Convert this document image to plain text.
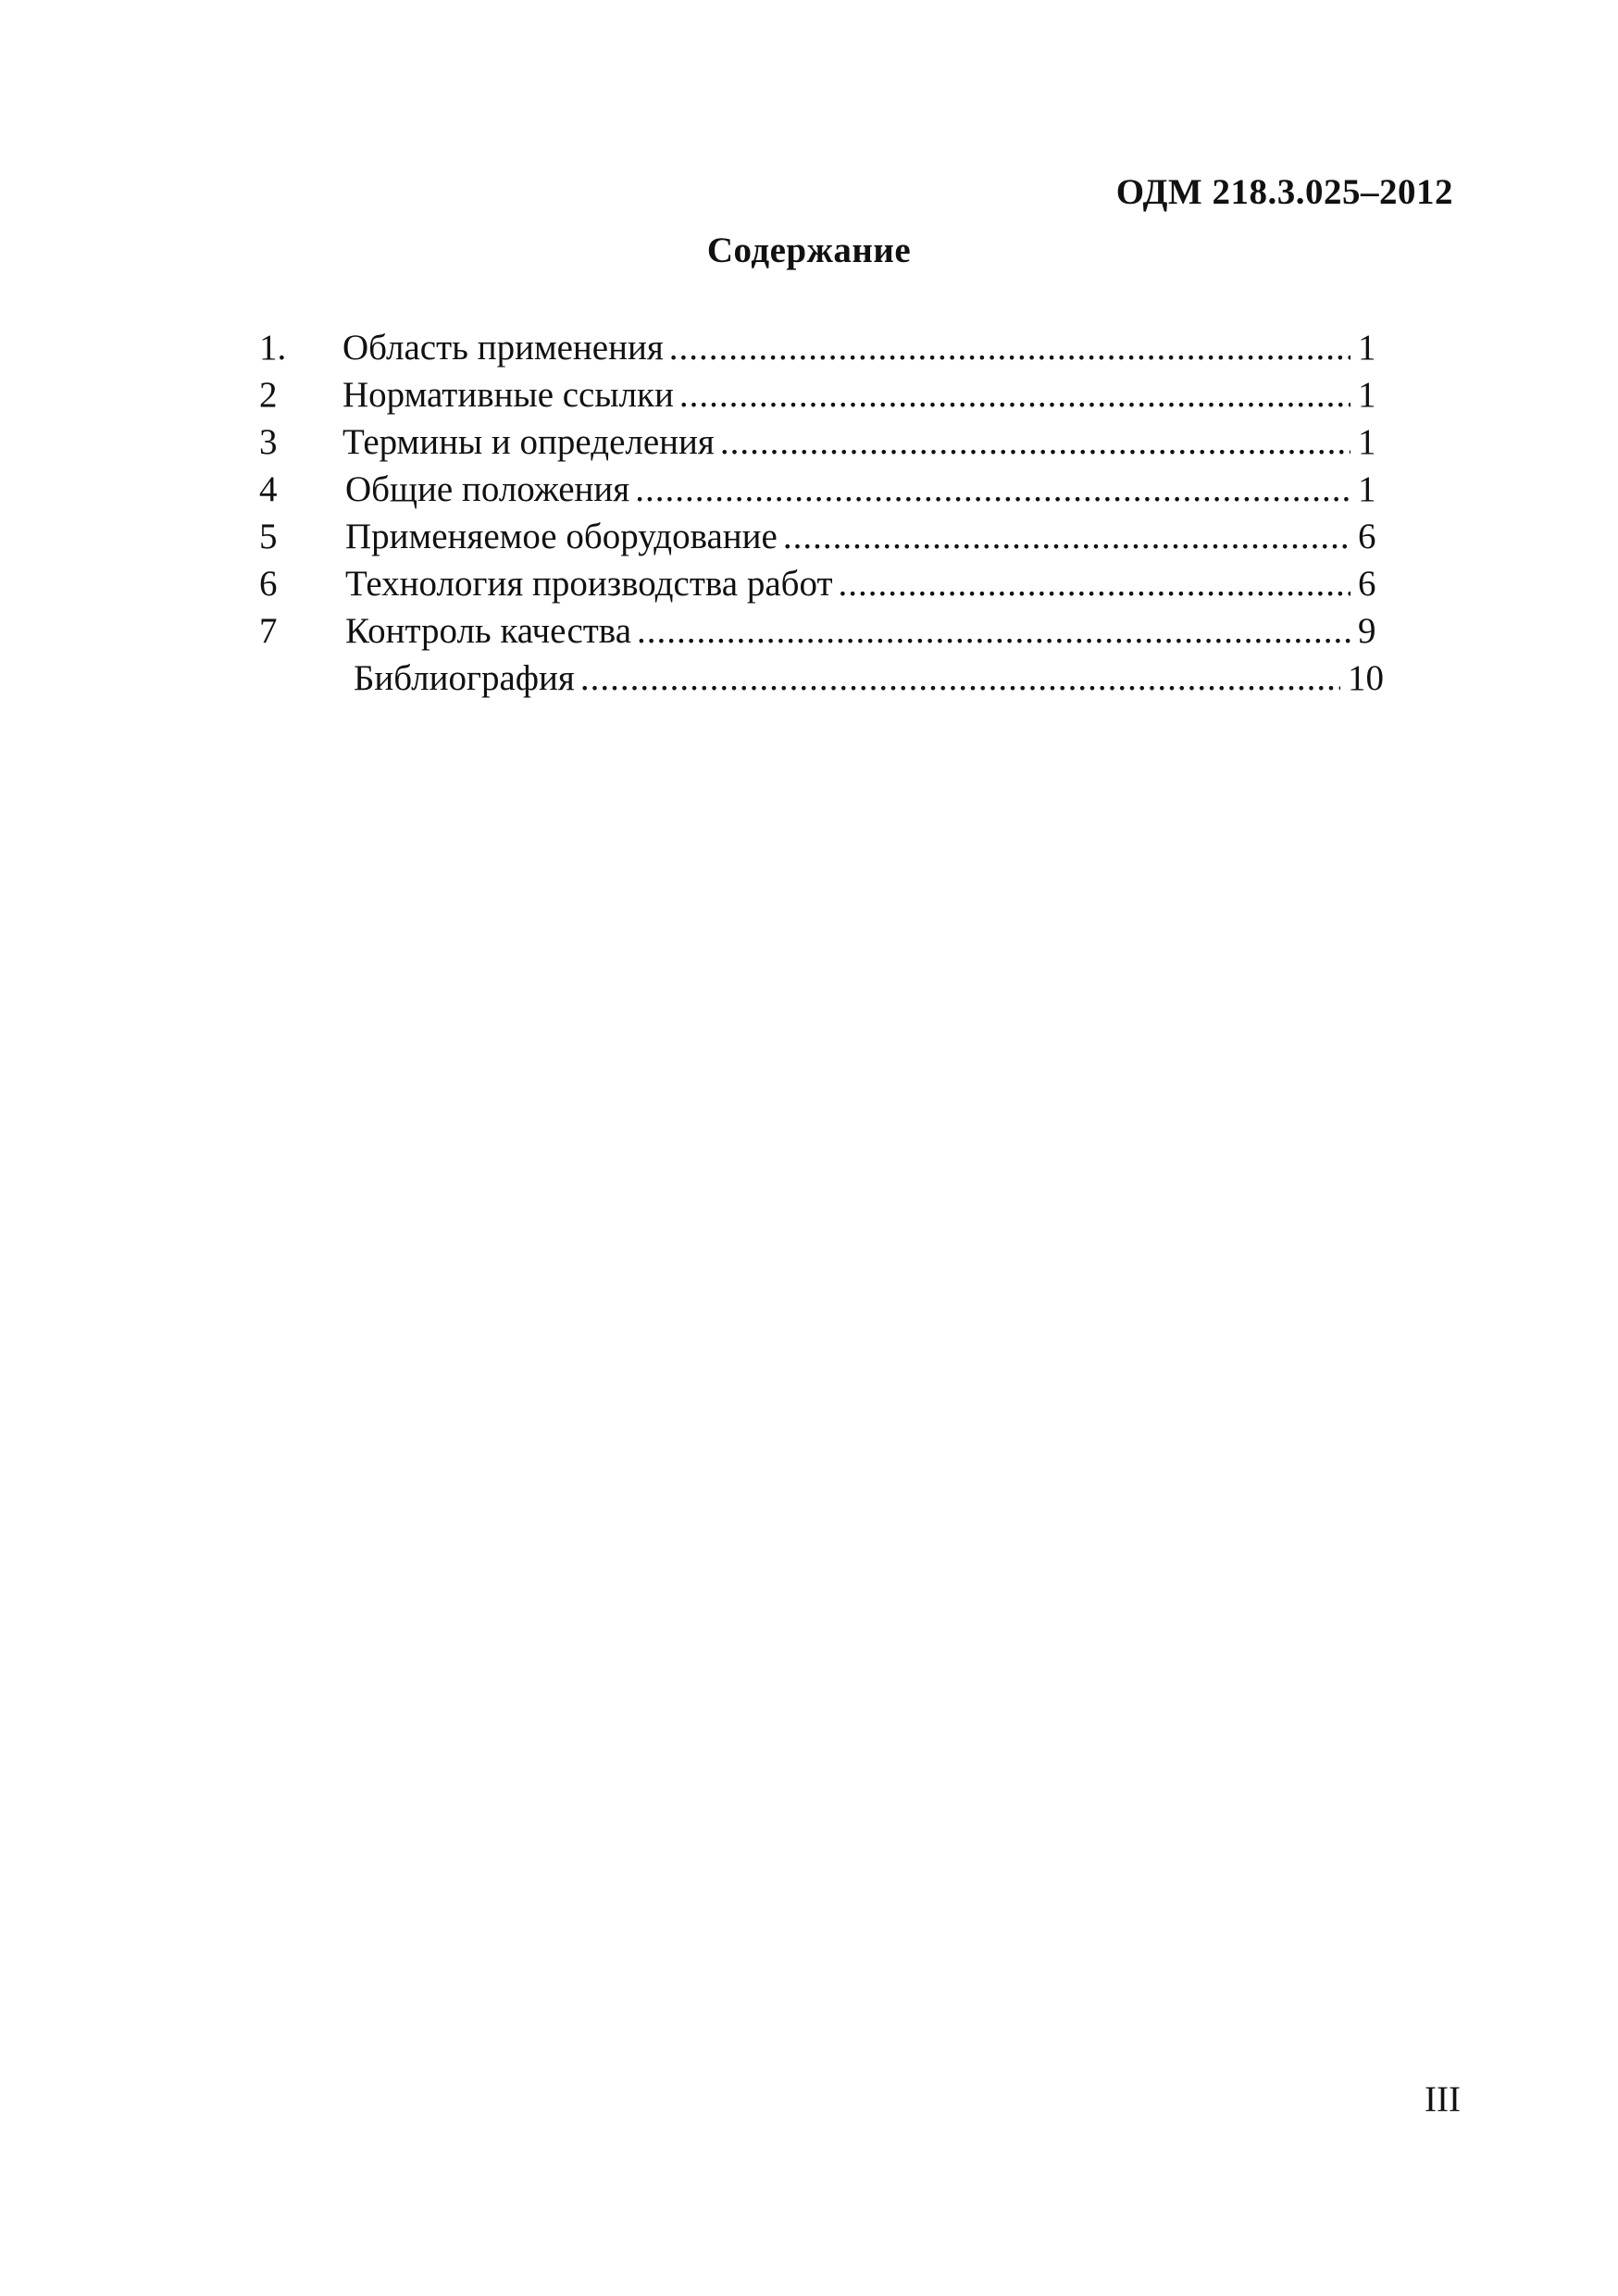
ОДМ 218.3.025–2012
Содержание
1. Область применения .....	1
2 Нормативные ссылки .....	1
3 Термины и определения .....	1
4 Общие положения .....	1
5 Применяемое оборудование .....	6
6 Технология производства работ .....	6
7 Контроль качества .....	9
Библиография .....	10
III
